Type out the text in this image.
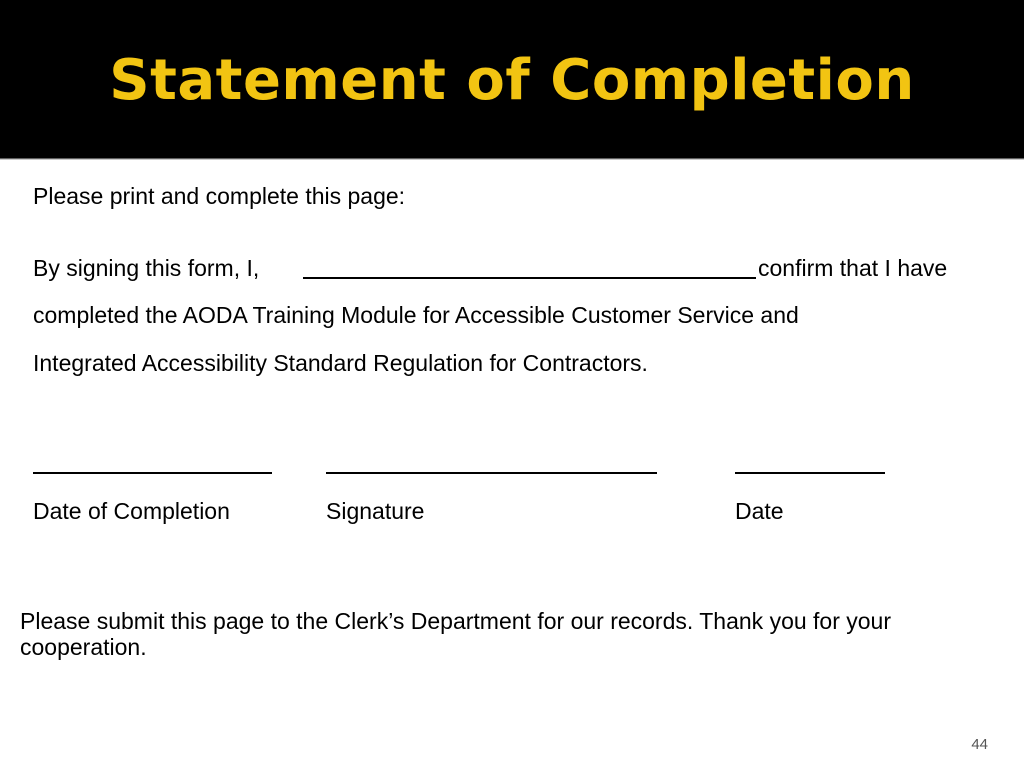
Statement of Completion
Please print and complete this page:
By signing this form, I,	confirm that I have
completed the AODA Training Module for Accessible Customer Service and
Integrated Accessibility Standard Regulation for Contractors.
Date of Completion	Signature	Date
Please submit this page to the Clerk’s Department for our records. Thank you for your cooperation.
44
